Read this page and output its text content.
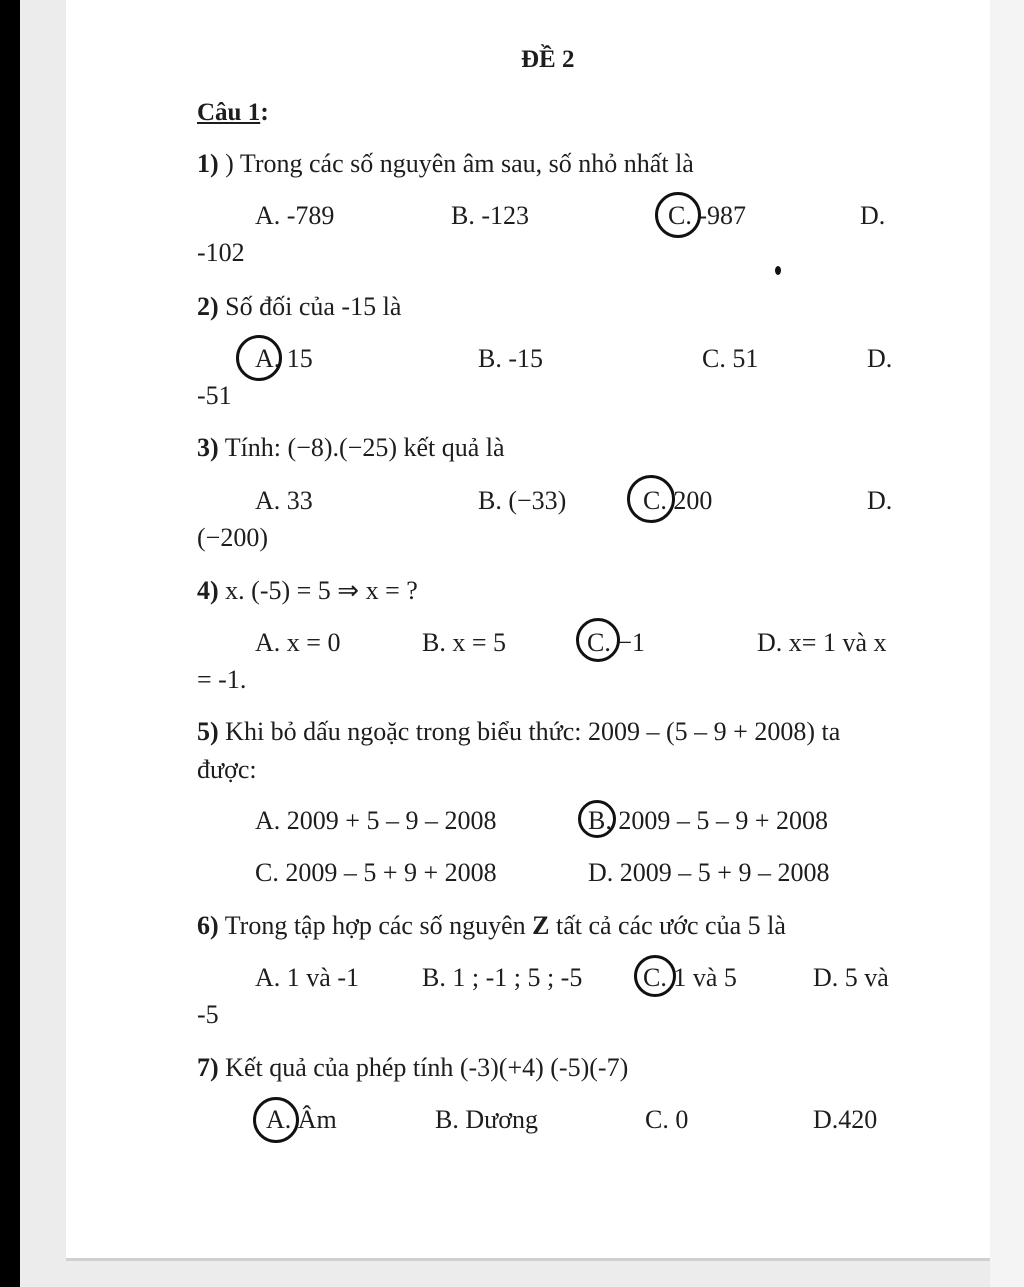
ĐỀ 2
Câu 1:
1) ) Trong các số nguyên âm sau, số nhỏ nhất là
A. -789	B. -123	C. -987	D.
-102
2) Số đối của -15 là
A. 15	B. -15	C. 51	D.
-51
3) Tính: (−8).(−25) kết quả là
A. 33	B. (−33)	C. 200	D.
(−200)
4) x. (-5) = 5 ⇒ x = ?
A. x = 0	B. x = 5	C. −1	D. x= 1 và x
= -1.
5) Khi bỏ dấu ngoặc trong biểu thức: 2009 – (5 – 9 + 2008) ta
được:
A. 2009 + 5 – 9 – 2008	B. 2009 – 5 – 9 + 2008
C. 2009 – 5 + 9 + 2008	D. 2009 – 5 + 9 – 2008
6) Trong tập hợp các số nguyên Z tất cả các ước của 5 là
A. 1 và -1 B. 1 ; -1 ; 5 ; -5 C. 1 và 5	D. 5 và
-5
7) Kết quả của phép tính (-3)(+4) (-5)(-7)
A. Âm	B. Dương	C. 0	D.420
